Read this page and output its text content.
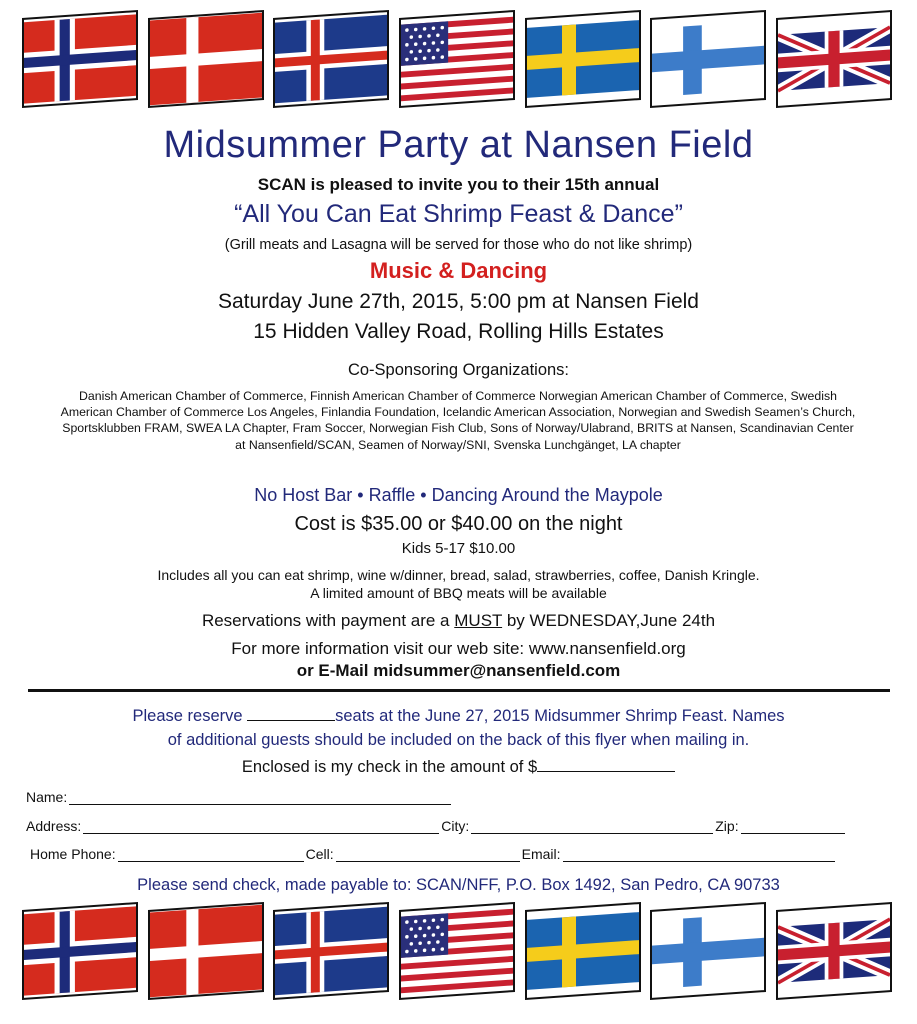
Midsummer Party at Nansen Field
SCAN is pleased to invite you to their 15th annual
“All You Can Eat Shrimp Feast & Dance”
(Grill meats and Lasagna will be served for those who do not like shrimp)
Music & Dancing
Saturday June 27th, 2015, 5:00 pm at Nansen Field
15 Hidden Valley Road, Rolling Hills Estates
Co-Sponsoring Organizations:
Danish American Chamber of Commerce, Finnish American Chamber of Commerce Norwegian American Chamber of Commerce, Swedish American Chamber of Commerce Los Angeles, Finlandia Foundation, Icelandic American Association, Norwegian and Swedish Seamen’s Church, Sportsklubben FRAM, SWEA LA Chapter, Fram Soccer, Norwegian Fish Club, Sons of Norway/Ulabrand, BRITS at Nansen, Scandinavian Center at Nansenfield/SCAN, Seamen of Norway/SNI, Svenska Lunchgänget, LA chapter
No Host Bar • Raffle • Dancing Around the Maypole
Cost is $35.00 or $40.00 on the night
Kids 5-17 $10.00
Includes all you can eat shrimp, wine w/dinner, bread, salad, strawberries, coffee, Danish Kringle.
A limited amount of BBQ meats will be available
Reservations with payment are a MUST by WEDNESDAY,June 24th
For more information visit our web site: www.nansenfield.org
or E-Mail midsummer@nansenfield.com
Please reserve	seats at the June 27, 2015 Midsummer Shrimp Feast. Names
of additional guests should be included on the back of this flyer when mailing in.
Enclosed is my check in the amount of $
Name:
Address:	City:	Zip:
Home Phone:	Cell:	Email:
Please send check, made payable to: SCAN/NFF, P.O. Box 1492, San Pedro, CA 90733
